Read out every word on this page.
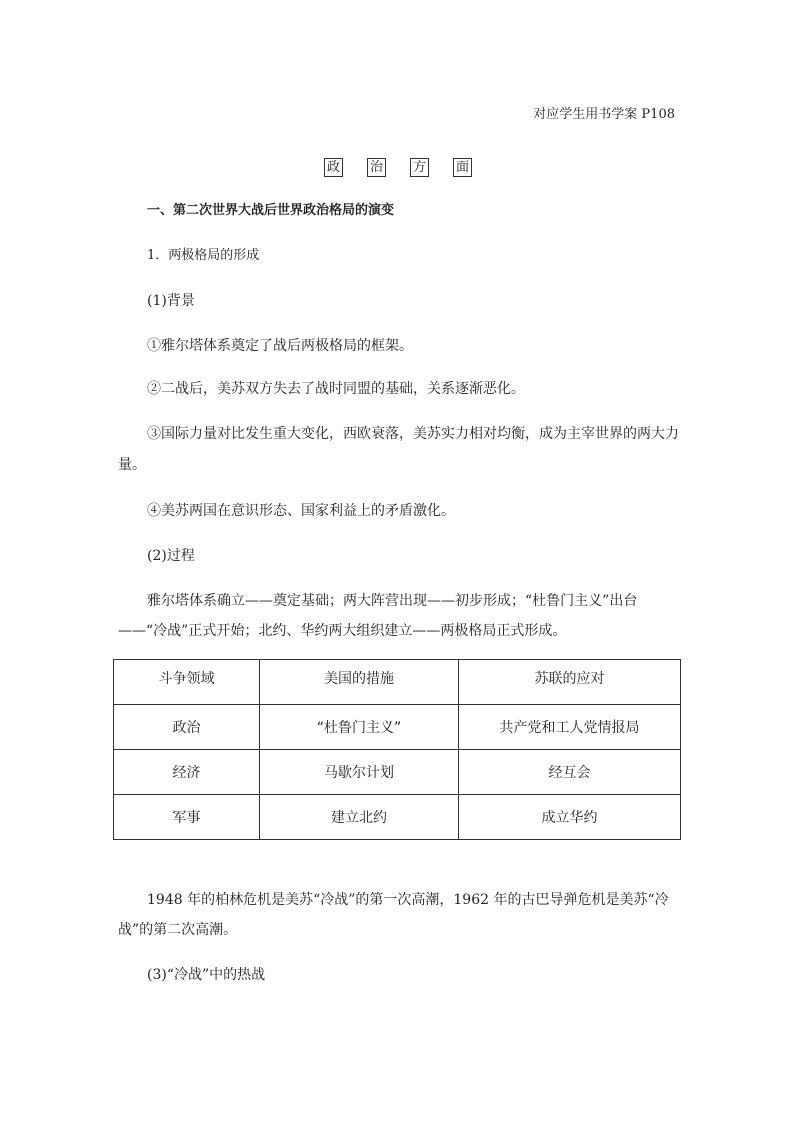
对应学生用书学案 P108
政 治 方 面
一、第二次世界大战后世界政治格局的演变
1．两极格局的形成
(1)背景
①雅尔塔体系奠定了战后两极格局的框架。
②二战后，美苏双方失去了战时同盟的基础，关系逐渐恶化。
③国际力量对比发生重大变化，西欧衰落，美苏实力相对均衡，成为主宰世界的两大力
量。
④美苏两国在意识形态、国家利益上的矛盾激化。
(2)过程
雅尔塔体系确立——奠定基础；两大阵营出现——初步形成；“杜鲁门主义”出台
——“冷战”正式开始；北约、华约两大组织建立——两极格局正式形成。
斗争领域	美国的措施	苏联的应对
政治	“杜鲁门主义”	共产党和工人党情报局
经济	马歇尔计划	经互会
军事	建立北约	成立华约
1948 年的柏林危机是美苏“冷战”的第一次高潮，1962 年的古巴导弹危机是美苏“冷
战”的第二次高潮。
(3)“冷战”中的热战
